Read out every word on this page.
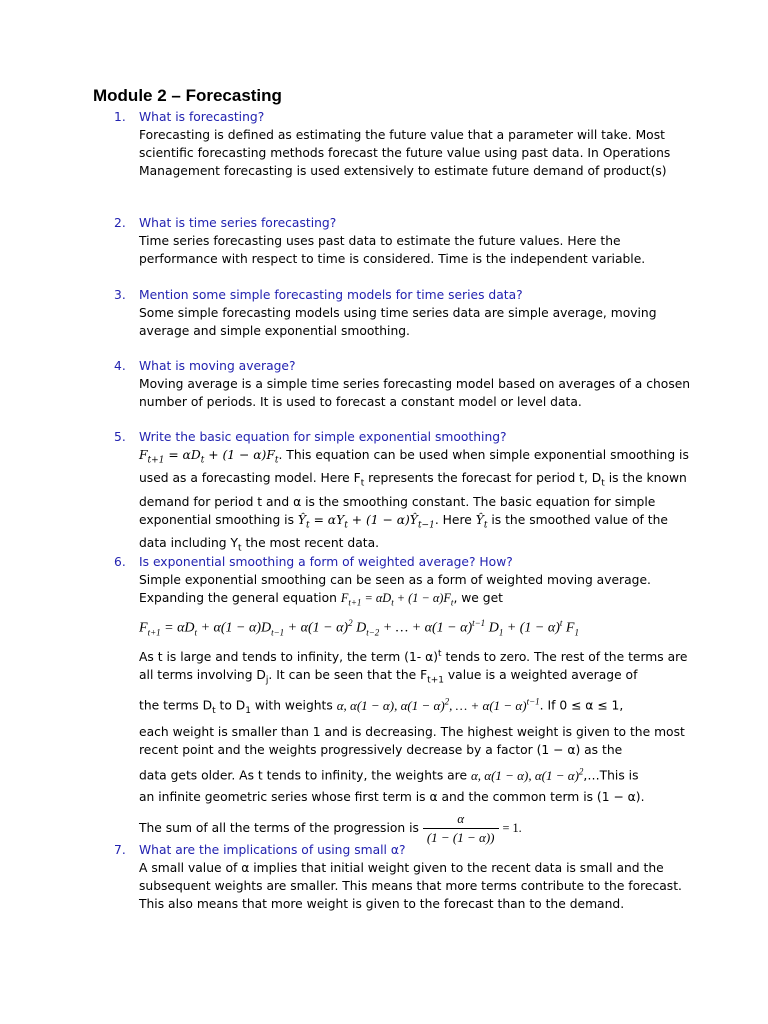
Module 2 – Forecasting
1. What is forecasting?
Forecasting is defined as estimating the future value that a parameter will take. Most scientific forecasting methods forecast the future value using past data. In Operations Management forecasting is used extensively to estimate future demand of product(s)
2. What is time series forecasting?
Time series forecasting uses past data to estimate the future values. Here the performance with respect to time is considered. Time is the independent variable.
3. Mention some simple forecasting models for time series data?
Some simple forecasting models using time series data are simple average, moving average and simple exponential smoothing.
4. What is moving average?
Moving average is a simple time series forecasting model based on averages of a chosen number of periods. It is used to forecast a constant model or level data.
5. Write the basic equation for simple exponential smoothing?
$F_{t+1} = \alpha D_t + (1 - \alpha)F_t$. This equation can be used when simple exponential smoothing is used as a forecasting model. Here $F_t$ represents the forecast for period t, $D_t$ is the known demand for period t and α is the smoothing constant. The basic equation for simple exponential smoothing is $Ŷ_t = \alpha Y_t + (1$ − $\alpha)Ŷ_{t-1}$. Here $Ŷ_t$ is the smoothed value of the data including $Y_t$ the most recent data.
6. Is exponential smoothing a form of weighted average? How?

Simple exponential smoothing can be seen as a form of weighted moving average.

Expanding the general equation $F_{t+1} = \alpha D_t + (1 - \alpha)F_t$, we get

$F_{t+1} = \alpha D_t + \alpha(1 - \alpha)D_{t-1} + \alpha(1 - \alpha)^2$ $D_{t-2}$ + … + $\alpha(1 - \alpha)^{t-1}$ $D_1 + (1 - \alpha)^t$ $F_1$

As t is large and tends to infinity, the term (1- α)$^t$ tends to zero. The rest of the terms are all terms involving $D_j$. It can be seen that the $F_{t+1}$ value is a weighted average of

the terms $D_t$ to $D_1$ with weights α, α(1 − α), $\alpha(1 - \alpha)^2$, … + $\alpha(1 - \alpha)^{t-1}$. If 0 ≤ α ≤ 1,

each weight is smaller than 1 and is decreasing. The highest weight is given to the most recent point and the weights progressively decrease by a factor (1 − α) as the

data gets older. As t tends to infinity, the weights are α, α(1 − α), $\alpha(1 - \alpha)^2,\dots This$ is

an infinite geometric series whose first term is α and the common term is (1 − α).

The sum of all the terms of the progression is $\frac{\alpha}{(1 - (1 - \alpha))} = 1$.

7. What are the implications of using small α?
A small value of α implies that initial weight given to the recent data is small and the subsequent weights are smaller. This means that more terms contribute to the forecast. This also means that more weight is given to the forecast than to the demand.
